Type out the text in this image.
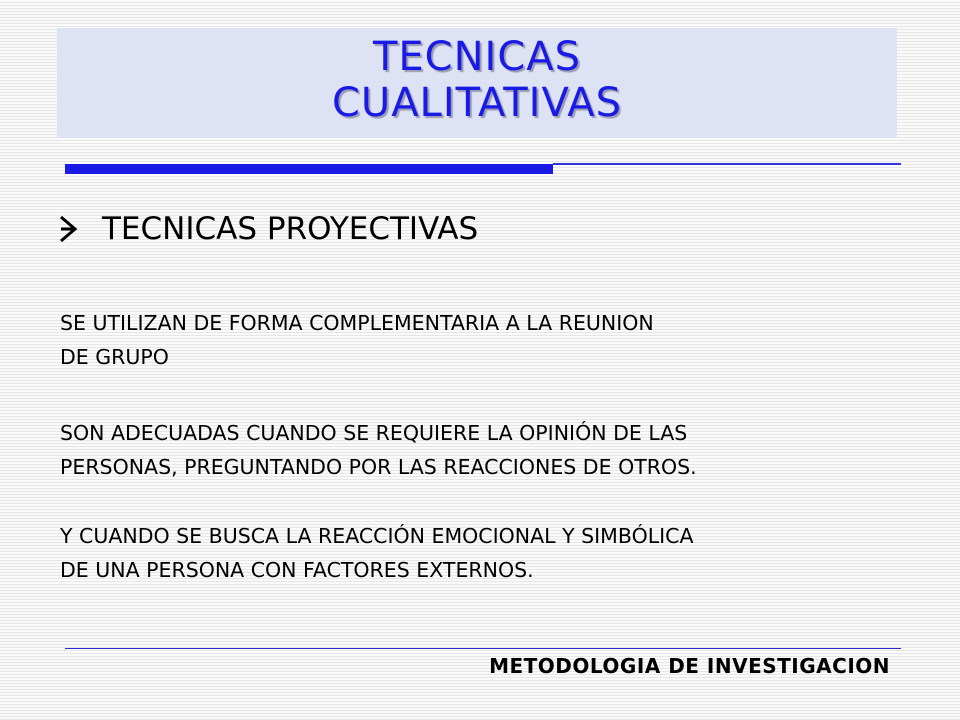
TECNICAS
CUALITATIVAS
TECNICAS PROYECTIVAS
SE UTILIZAN DE FORMA COMPLEMENTARIA A LA REUNION
DE GRUPO
SON ADECUADAS CUANDO SE REQUIERE LA OPINIÓN DE LAS
PERSONAS, PREGUNTANDO POR LAS REACCIONES DE OTROS.
Y CUANDO SE BUSCA LA REACCIÓN EMOCIONAL Y SIMBÓLICA
DE UNA PERSONA CON FACTORES EXTERNOS.
METODOLOGIA DE INVESTIGACION
